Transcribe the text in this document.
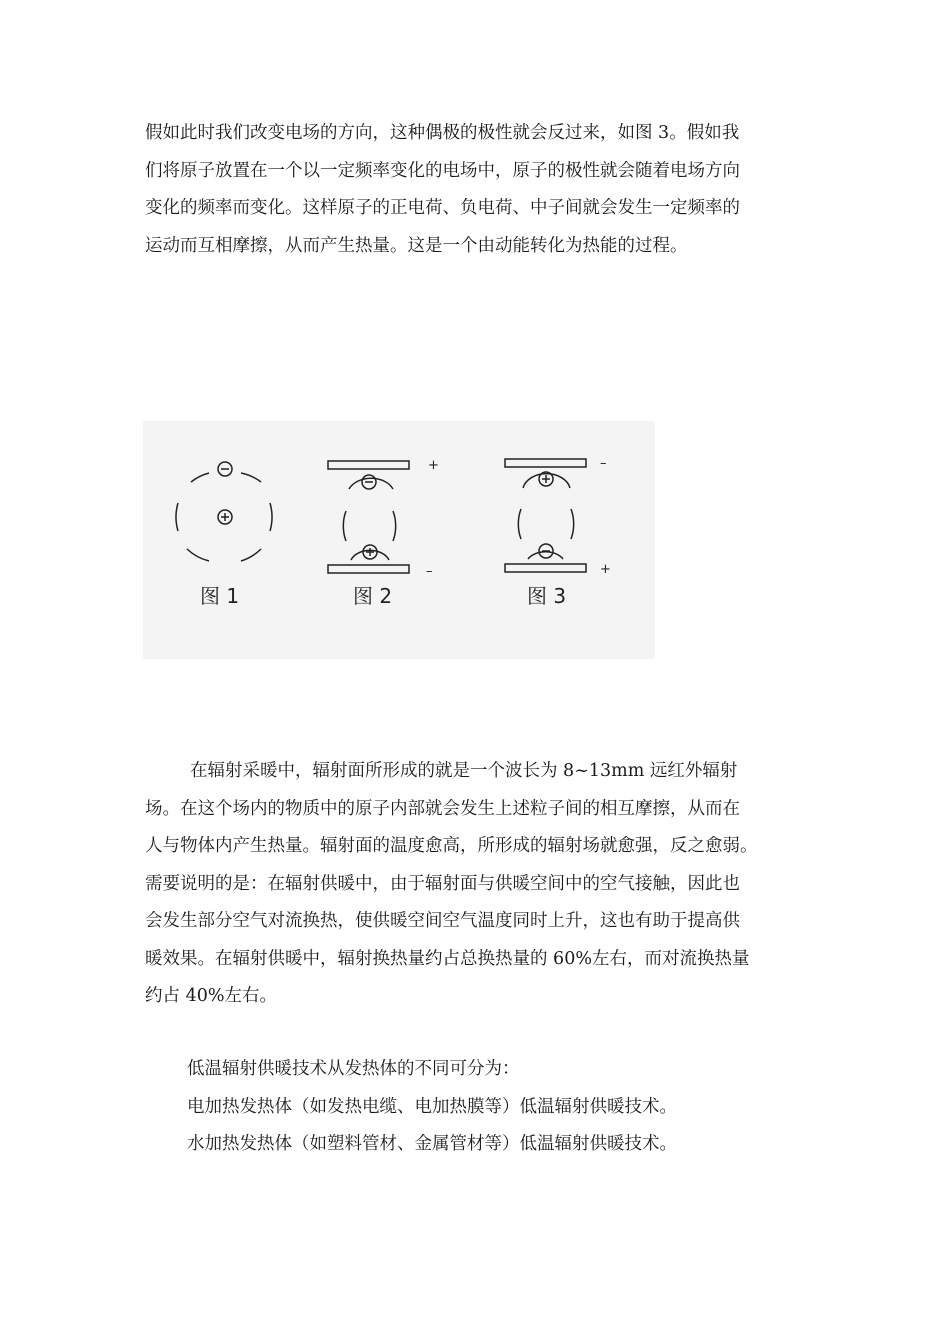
假如此时我们改变电场的方向，这种偶极的极性就会反过来，如图 3。假如我
们将原子放置在一个以一定频率变化的电场中，原子的极性就会随着电场方向
变化的频率而变化。这样原子的正电荷、负电荷、中子间就会发生一定频率的
运动而互相摩擦，从而产生热量。这是一个由动能转化为热能的过程。
+
–
–
+
图 1	图 2	图 3
在辐射采暖中，辐射面所形成的就是一个波长为 8~13mm 远红外辐射
场。在这个场内的物质中的原子内部就会发生上述粒子间的相互摩擦，从而在
人与物体内产生热量。辐射面的温度愈高，所形成的辐射场就愈强，反之愈弱。
需要说明的是：在辐射供暖中，由于辐射面与供暖空间中的空气接触，因此也
会发生部分空气对流换热，使供暖空间空气温度同时上升，这也有助于提高供
暖效果。在辐射供暖中，辐射换热量约占总换热量的 60%左右，而对流换热量
约占 40%左右。
低温辐射供暖技术从发热体的不同可分为：
电加热发热体（如发热电缆、电加热膜等）低温辐射供暖技术。
水加热发热体（如塑料管材、金属管材等）低温辐射供暖技术。
